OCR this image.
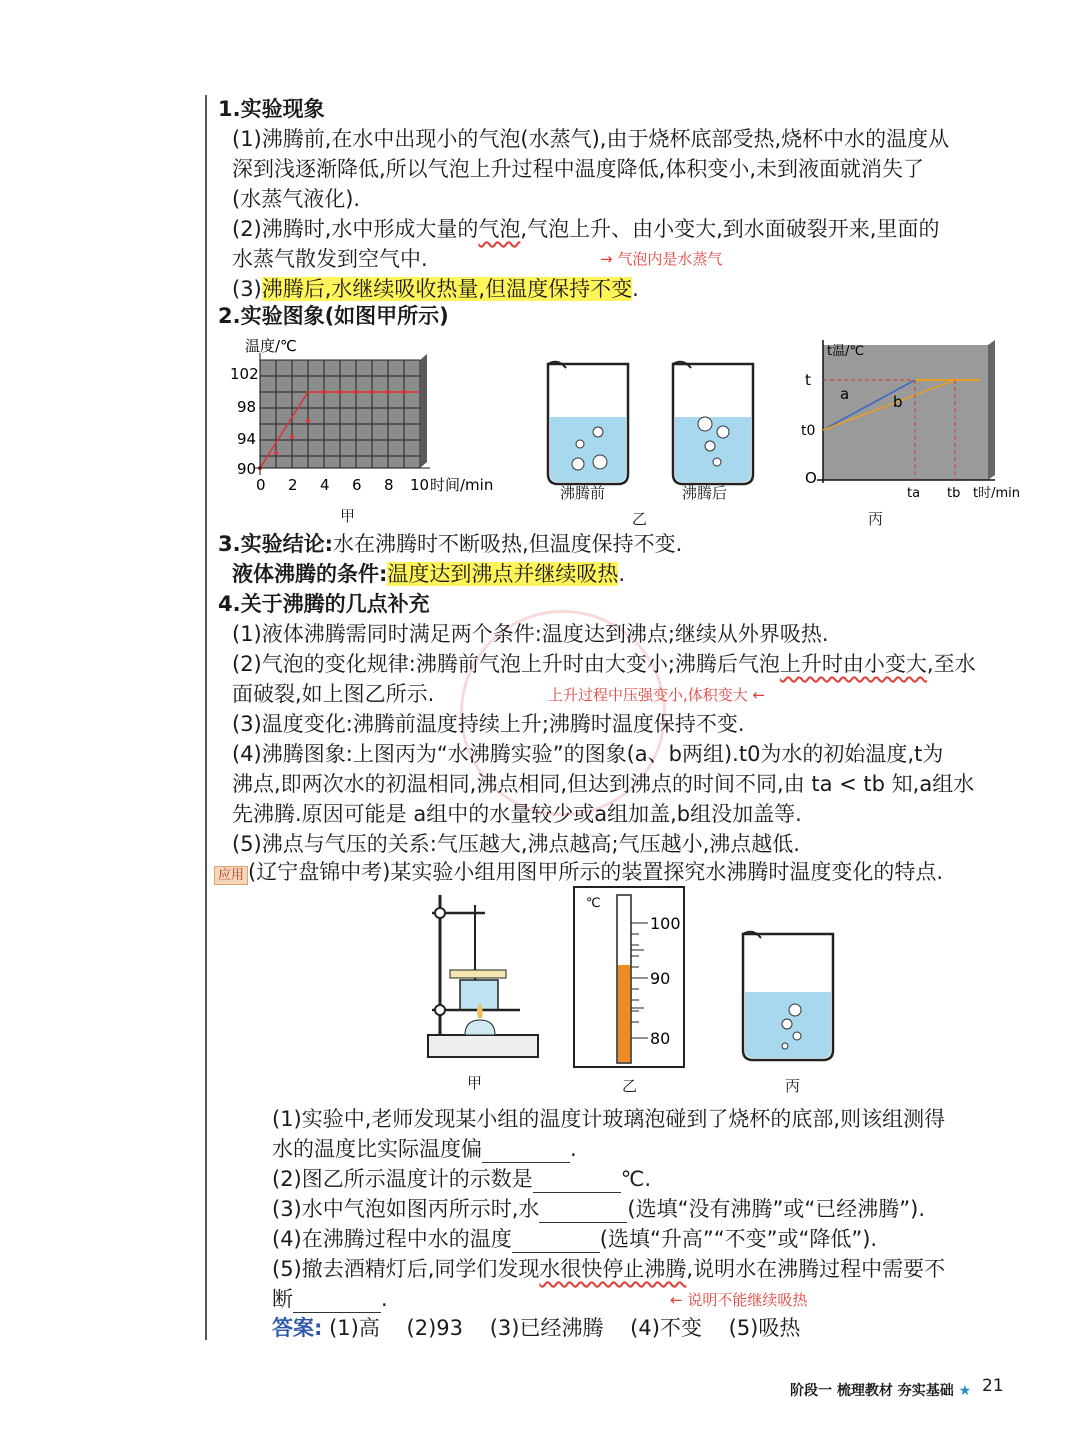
1.实验现象
(1)沸腾前,在水中出现小的气泡(水蒸气),由于烧杯底部受热,烧杯中水的温度从
深到浅逐渐降低,所以气泡上升过程中温度降低,体积变小,未到液面就消失了
(水蒸气液化).
(2)沸腾时,水中形成大量的气泡,气泡上升、由小变大,到水面破裂开来,里面的
水蒸气散发到空气中.	→ 气泡内是水蒸气
(3)沸腾后,水继续吸收热量,但温度保持不变.
2.实验图象(如图甲所示)
温度/℃
102
98
94
90
0 2 4 6 8 10 时间/min
甲
沸腾前	沸腾后
乙
t温/℃
t
t0
O
a	b
ta tb t时/min
丙
3.实验结论:水在沸腾时不断吸热,但温度保持不变.
液体沸腾的条件:温度达到沸点并继续吸热.
4.关于沸腾的几点补充
(1)液体沸腾需同时满足两个条件:温度达到沸点;继续从外界吸热.
(2)气泡的变化规律:沸腾前气泡上升时由大变小;沸腾后气泡上升时由小变大,至水
面破裂,如上图乙所示.	上升过程中压强变小,体积变大 ←
(3)温度变化:沸腾前温度持续上升;沸腾时温度保持不变.
(4)沸腾图象:上图丙为“水沸腾实验”的图象(a、b两组).t0为水的初始温度,t为
沸点,即两次水的初温相同,沸点相同,但达到沸点的时间不同,由 ta < tb 知,a组水
先沸腾.原因可能是 a组中的水量较少或a组加盖,b组没加盖等.
(5)沸点与气压的关系:气压越大,沸点越高;气压越小,沸点越低.
应用 (辽宁盘锦中考)某实验小组用图甲所示的装置探究水沸腾时温度变化的特点.
甲
℃
100
90
80
乙	丙
(1)实验中,老师发现某小组的温度计玻璃泡碰到了烧杯的底部,则该组测得
水的温度比实际温度偏	.
(2)图乙所示温度计的示数是	℃.
(3)水中气泡如图丙所示时,水	(选填“没有沸腾”或“已经沸腾”).
(4)在沸腾过程中水的温度	(选填“升高”“不变”或“降低”).
(5)撤去酒精灯后,同学们发现水很快停止沸腾,说明水在沸腾过程中需要不
断	.	← 说明不能继续吸热
答案: (1)高 (2)93 (3)已经沸腾 (4)不变 (5)吸热
阶段一 梳理教材 夯实基础 ★ 21
